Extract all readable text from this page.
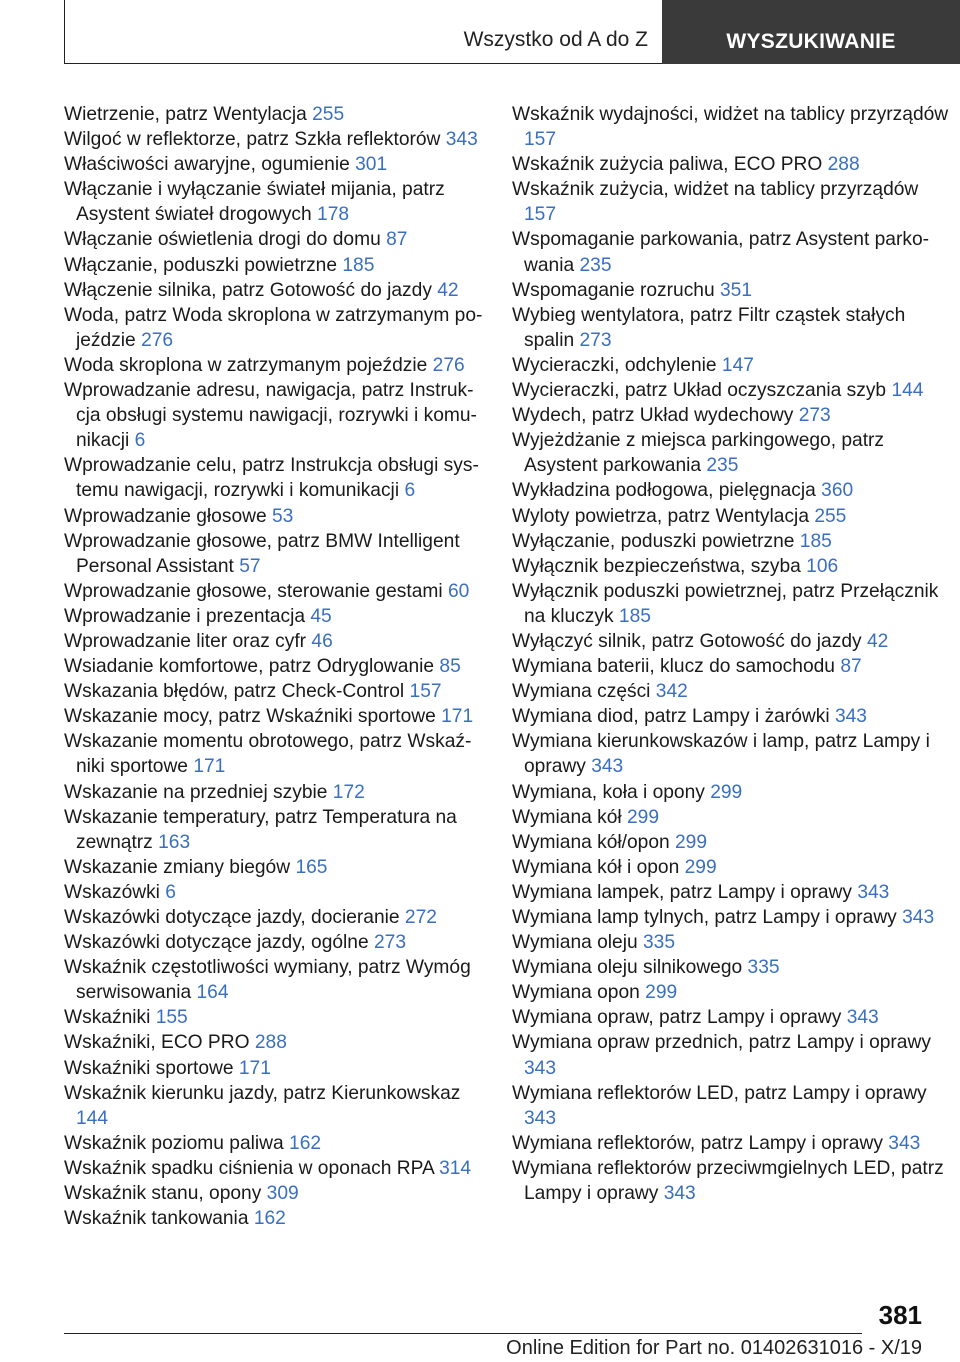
Wszystko od A do Z	WYSZUKIWANIE
Wietrzenie, patrz Wentylacja 255
Wilgoć w reflektorze, patrz Szkła reflektorów 343
Właściwości awaryjne, ogumienie 301
Włączanie i wyłączanie świateł mijania, patrz Asystent świateł drogowych 178
Włączanie oświetlenia drogi do domu 87
Włączanie, poduszki powietrzne 185
Włączenie silnika, patrz Gotowość do jazdy 42
Woda, patrz Woda skroplona w zatrzymanym pojeździe 276
Woda skroplona w zatrzymanym pojeździe 276
Wprowadzanie adresu, nawigacja, patrz Instrukcja obsługi systemu nawigacji, rozrywki i komunikacji 6
Wprowadzanie celu, patrz Instrukcja obsługi systemu nawigacji, rozrywki i komunikacji 6
Wprowadzanie głosowe 53
Wprowadzanie głosowe, patrz BMW Intelligent Personal Assistant 57
Wprowadzanie głosowe, sterowanie gestami 60
Wprowadzanie i prezentacja 45
Wprowadzanie liter oraz cyfr 46
Wsiadanie komfortowe, patrz Odryglowanie 85
Wskazania błędów, patrz Check-Control 157
Wskazanie mocy, patrz Wskaźniki sportowe 171
Wskazanie momentu obrotowego, patrz Wskaźniki sportowe 171
Wskazanie na przedniej szybie 172
Wskazanie temperatury, patrz Temperatura na zewnątrz 163
Wskazanie zmiany biegów 165
Wskazówki 6
Wskazówki dotyczące jazdy, docieranie 272
Wskazówki dotyczące jazdy, ogólne 273
Wskaźnik częstotliwości wymiany, patrz Wymóg serwisowania 164
Wskaźniki 155
Wskaźniki, ECO PRO 288
Wskaźniki sportowe 171
Wskaźnik kierunku jazdy, patrz Kierunkowskaz 144
Wskaźnik poziomu paliwa 162
Wskaźnik spadku ciśnienia w oponach RPA 314
Wskaźnik stanu, opony 309
Wskaźnik tankowania 162
Wskaźnik wydajności, widżet na tablicy przyrządów 157
Wskaźnik zużycia paliwa, ECO PRO 288
Wskaźnik zużycia, widżet na tablicy przyrządów 157
Wspomaganie parkowania, patrz Asystent parkowania 235
Wspomaganie rozruchu 351
Wybieg wentylatora, patrz Filtr cząstek stałych spalin 273
Wycieraczki, odchylenie 147
Wycieraczki, patrz Układ oczyszczania szyb 144
Wydech, patrz Układ wydechowy 273
Wyjeżdżanie z miejsca parkingowego, patrz Asystent parkowania 235
Wykładzina podłogowa, pielęgnacja 360
Wyloty powietrza, patrz Wentylacja 255
Wyłączanie, poduszki powietrzne 185
Wyłącznik bezpieczeństwa, szyba 106
Wyłącznik poduszki powietrznej, patrz Przełącznik na kluczyk 185
Wyłączyć silnik, patrz Gotowość do jazdy 42
Wymiana baterii, klucz do samochodu 87
Wymiana części 342
Wymiana diod, patrz Lampy i żarówki 343
Wymiana kierunkowskazów i lamp, patrz Lampy i oprawy 343
Wymiana, koła i opony 299
Wymiana kół 299
Wymiana kół/opon 299
Wymiana kół i opon 299
Wymiana lampek, patrz Lampy i oprawy 343
Wymiana lamp tylnych, patrz Lampy i oprawy 343
Wymiana oleju 335
Wymiana oleju silnikowego 335
Wymiana opon 299
Wymiana opraw, patrz Lampy i oprawy 343
Wymiana opraw przednich, patrz Lampy i oprawy 343
Wymiana reflektorów LED, patrz Lampy i oprawy 343
Wymiana reflektorów, patrz Lampy i oprawy 343
Wymiana reflektorów przeciwmgielnych LED, patrz Lampy i oprawy 343
381
Online Edition for Part no. 01402631016 - X/19
